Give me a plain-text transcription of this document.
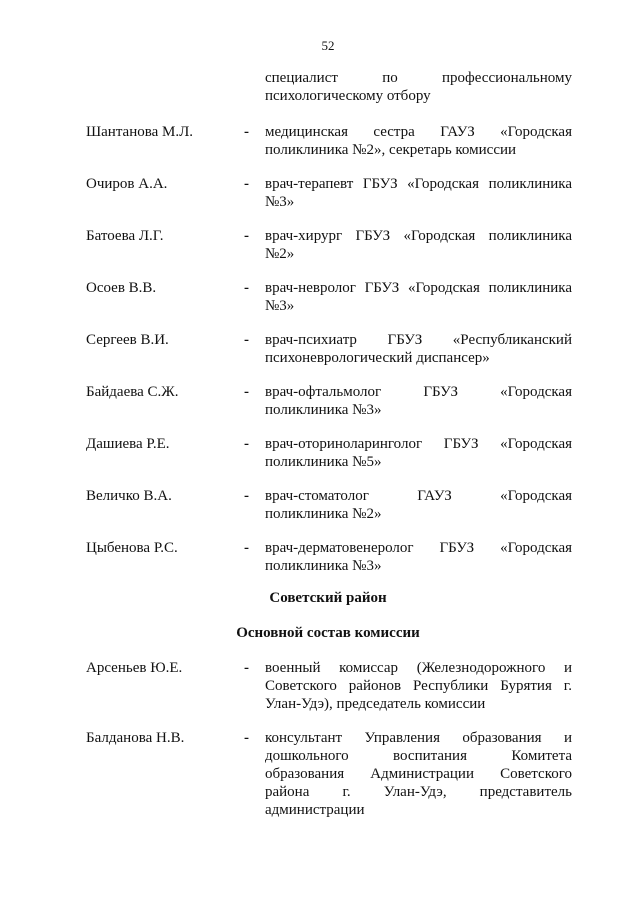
52
специалист по профессиональному
психологическому отбору
Шантанова М.Л.	- медицинская сестра ГАУЗ «Городская
поликлиника №2», секретарь комиссии
Очиров А.А.	- врач-терапевт ГБУЗ «Городская поликлиника
№3»
Батоева Л.Г.	- врач-хирург ГБУЗ «Городская поликлиника
№2»
Осоев В.В.	- врач-невролог ГБУЗ «Городская поликлиника
№3»
Сергеев В.И.	- врач-психиатр ГБУЗ «Республиканский
психоневрологический диспансер»
Байдаева С.Ж.	- врач-офтальмолог ГБУЗ «Городская
поликлиника №3»
Дашиева Р.Е.	- врач-оториноларинголог ГБУЗ «Городская
поликлиника №5»
Величко В.А.	- врач-стоматолог ГАУЗ «Городская
поликлиника №2»
Цыбенова Р.С.	- врач-дерматовенеролог ГБУЗ «Городская
поликлиника №3»
Советский район
Основной состав комиссии
Арсеньев Ю.Е.	- военный комиссар (Железнодорожного и
Советского районов Республики Бурятия г.
Улан-Удэ), председатель комиссии
Балданова Н.В.	- консультант Управления образования и
дошкольного воспитания Комитета
образования Администрации Советского
района г. Улан-Удэ, представитель
администрации
